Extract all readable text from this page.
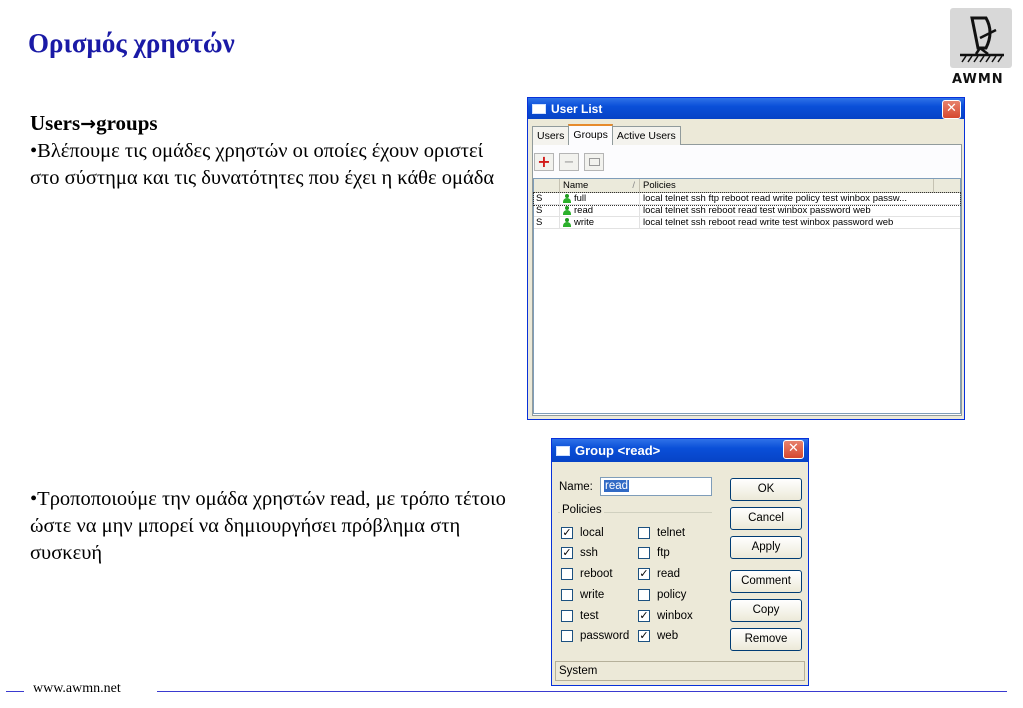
Ορισμός χρηστών
AWMN
Users→groups
•Βλέπουμε τις ομάδες χρηστών οι οποίες έχουν οριστεί στο σύστημα και τις δυνατότητες που έχει η κάθε ομάδα
•Τροποποιούμε την ομάδα χρηστών read, με τρόπο τέτοιο ώστε να μην μπορεί να δημιουργήσει πρόβλημα στη συσκευή
www.awmn.net
User List	✕
Users Groups Active Users
+ −
Name	/ Policies
S	full	local telnet ssh ftp reboot read write policy test winbox passw...
S	read	local telnet ssh reboot read test winbox password web
S	write	local telnet ssh reboot read write test winbox password web
Group <read>	✕
Name:	read
Policies
✓ local	telnet
✓ ssh	ftp
reboot ✓ read
write	policy
test	✓ winbox
password ✓ web
OK
Cancel
Apply
Comment
Copy
Remove
System
